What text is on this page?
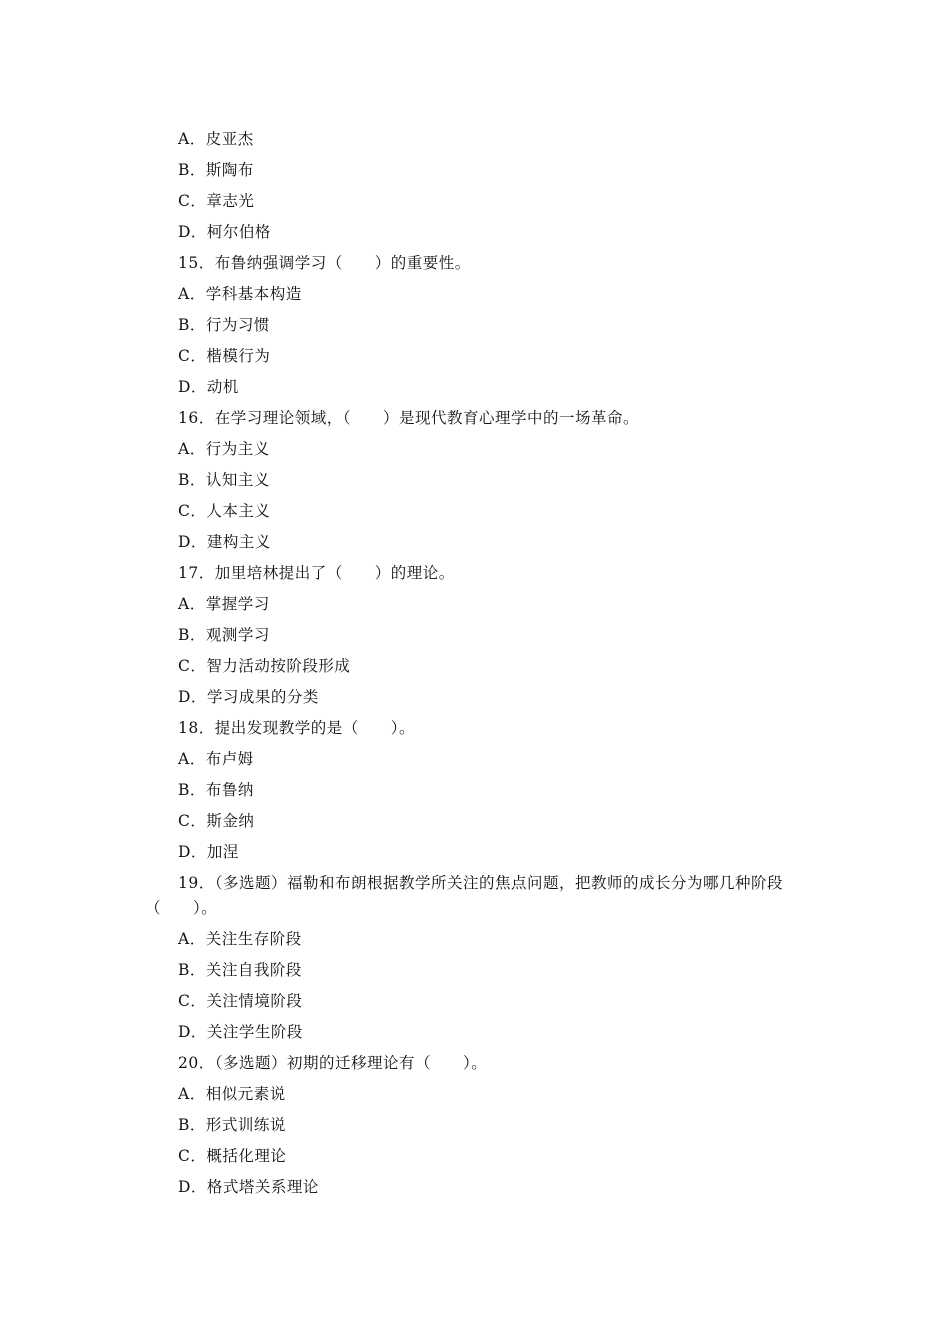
A．皮亚杰
B．斯陶布
C．章志光
D．柯尔伯格
15．布鲁纳强调学习（　　）的重要性。
A．学科基本构造
B．行为习惯
C．楷模行为
D．动机
16．在学习理论领域，（　　）是现代教育心理学中的一场革命。
A．行为主义
B．认知主义
C．人本主义
D．建构主义
17．加里培林提出了（　　）的理论。
A．掌握学习
B．观测学习
C．智力活动按阶段形成
D．学习成果的分类
18．提出发现教学的是（　　）。
A．布卢姆
B．布鲁纳
C．斯金纳
D．加涅
19．（多选题）福勒和布朗根据教学所关注的焦点问题，把教师的成长分为哪几种阶段（　　）。
A．关注生存阶段
B．关注自我阶段
C．关注情境阶段
D．关注学生阶段
20．（多选题）初期的迁移理论有（　　）。
A．相似元素说
B．形式训练说
C．概括化理论
D．格式塔关系理论
